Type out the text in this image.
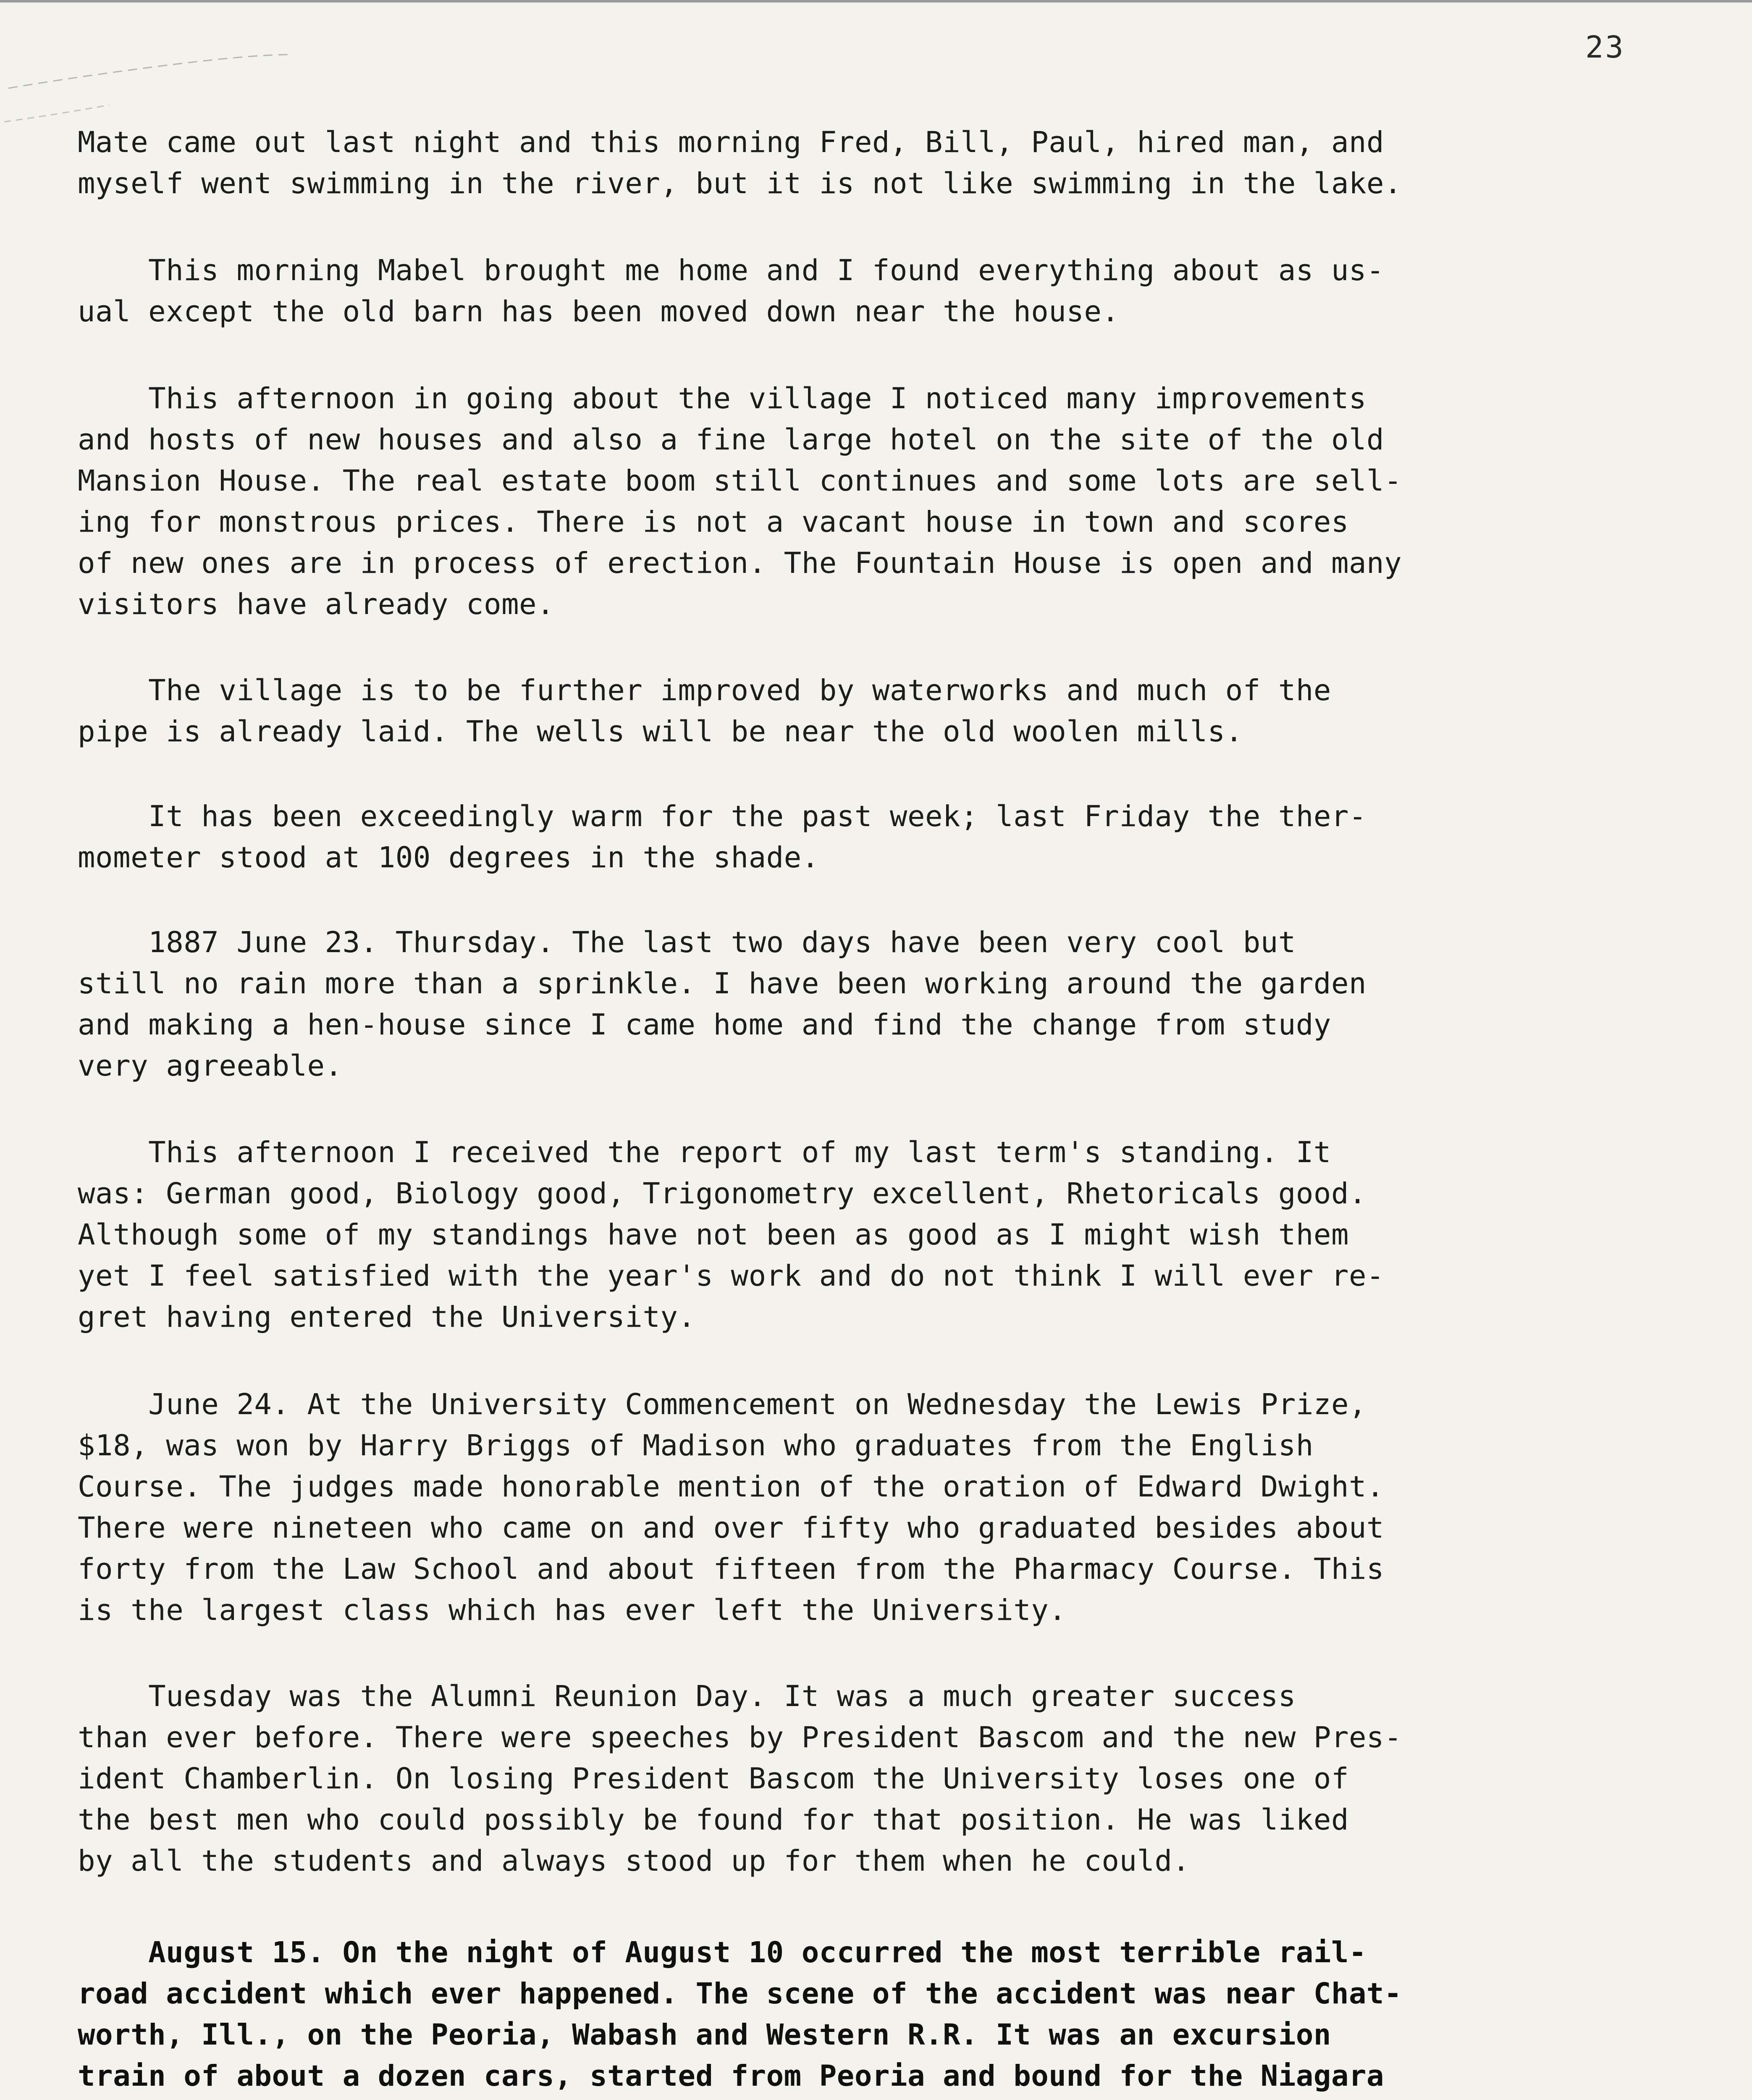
23
Mate came out last night and this morning Fred, Bill, Paul, hired man, and
myself went swimming in the river, but it is not like swimming in the lake.
This morning Mabel brought me home and I found everything about as us-
ual except the old barn has been moved down near the house.
This afternoon in going about the village I noticed many improvements
and hosts of new houses and also a fine large hotel on the site of the old
Mansion House. The real estate boom still continues and some lots are sell-
ing for monstrous prices. There is not a vacant house in town and scores
of new ones are in process of erection. The Fountain House is open and many
visitors have already come.
The village is to be further improved by waterworks and much of the
pipe is already laid. The wells will be near the old woolen mills.
It has been exceedingly warm for the past week; last Friday the ther-
mometer stood at 100 degrees in the shade.
1887 June 23. Thursday. The last two days have been very cool but
still no rain more than a sprinkle. I have been working around the garden
and making a hen-house since I came home and find the change from study
very agreeable.
This afternoon I received the report of my last term's standing. It
was: German good, Biology good, Trigonometry excellent, Rhetoricals good.
Although some of my standings have not been as good as I might wish them
yet I feel satisfied with the year's work and do not think I will ever re-
gret having entered the University.
June 24. At the University Commencement on Wednesday the Lewis Prize,
$18, was won by Harry Briggs of Madison who graduates from the English
Course. The judges made honorable mention of the oration of Edward Dwight.
There were nineteen who came on and over fifty who graduated besides about
forty from the Law School and about fifteen from the Pharmacy Course. This
is the largest class which has ever left the University.
Tuesday was the Alumni Reunion Day. It was a much greater success
than ever before. There were speeches by President Bascom and the new Pres-
ident Chamberlin. On losing President Bascom the University loses one of
the best men who could possibly be found for that position. He was liked
by all the students and always stood up for them when he could.
August 15. On the night of August 10 occurred the most terrible rail-
road accident which ever happened. The scene of the accident was near Chat-
worth, Ill., on the Peoria, Wabash and Western R.R. It was an excursion
train of about a dozen cars, started from Peoria and bound for the Niagara
